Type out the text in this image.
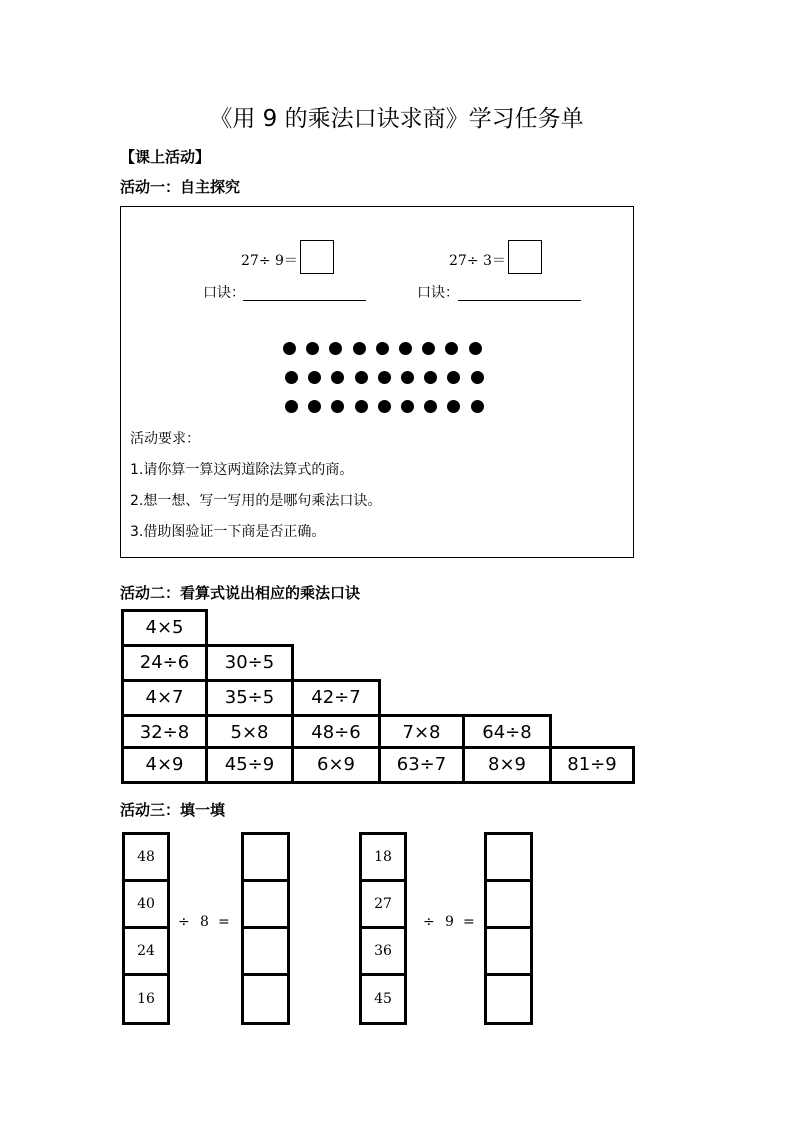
《用 9 的乘法口诀求商》学习任务单
【课上活动】
活动一：自主探究
27÷ 9＝	27÷ 3＝
口诀：	口诀：
活动要求：
1.请你算一算这两道除法算式的商。
2.想一想、写一写用的是哪句乘法口诀。
3.借助图验证一下商是否正确。
活动二：看算式说出相应的乘法口诀
4×5
24÷6	30÷5
4×7	35÷5	42÷7
32÷8	5×8	48÷6	7×8	64÷8
4×9	45÷9	6×9	63÷7	8×9	81÷9
活动三：填一填
48
40
24
16
÷ 8 =
18
27
36
45
÷ 9 =
